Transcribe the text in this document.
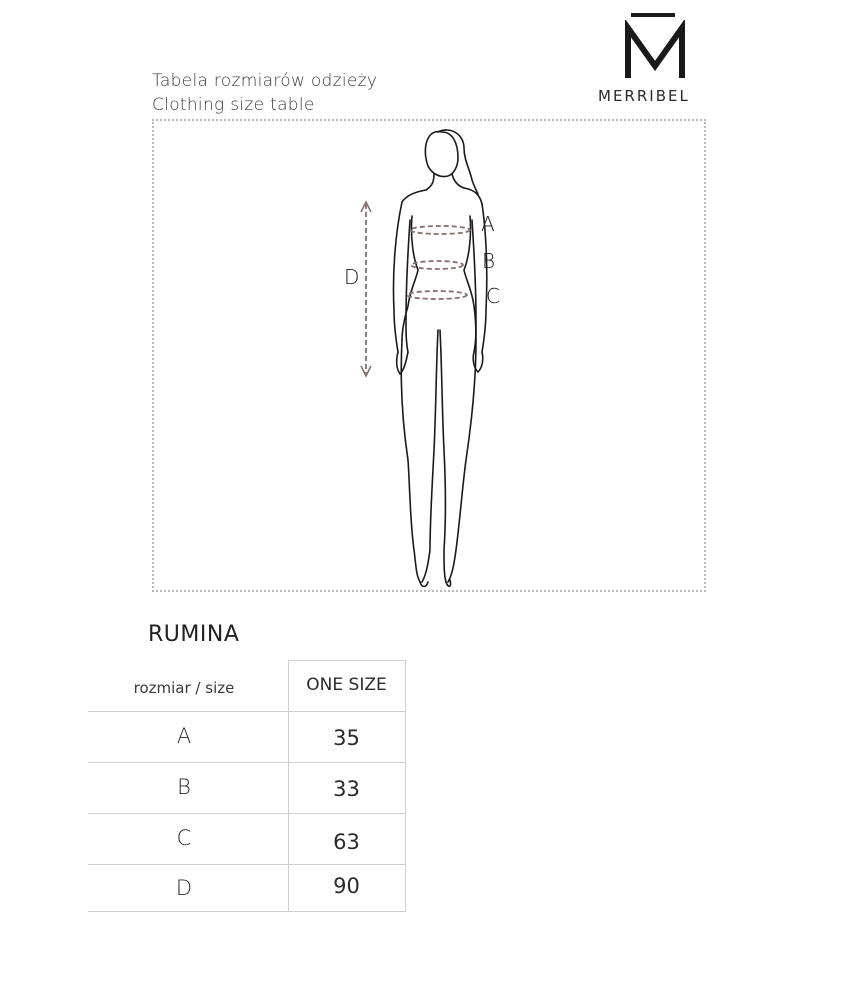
Tabela rozmiarów odzieży
Clothing size table	MERRIBEL
A
B
C
D
RUMINA
rozmiar / size	ONE SIZE
A	35
B	33
C	63
D	90
